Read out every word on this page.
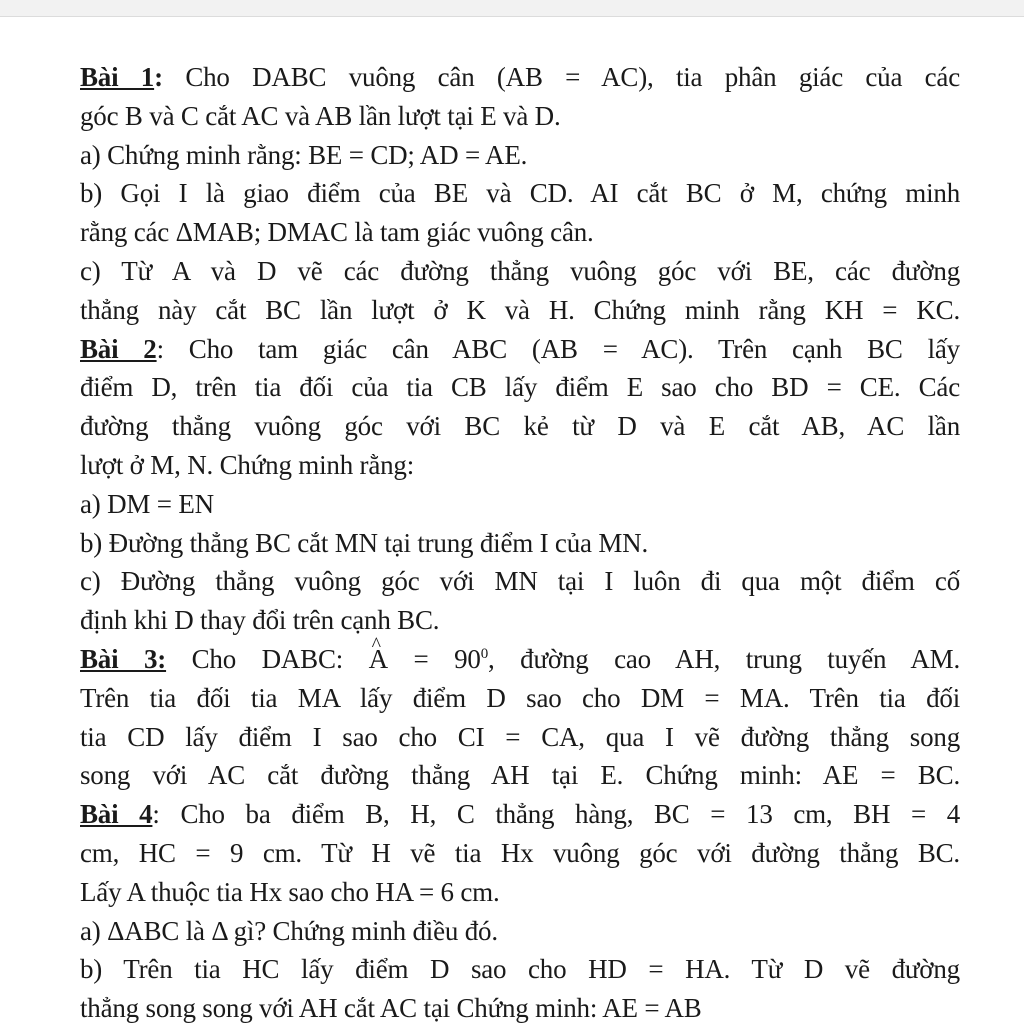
Bài 1: Cho DABC vuông cân (AB = AC), tia phân giác của các
góc B và C cắt AC và AB lần lượt tại E và D.
a) Chứng minh rằng: BE = CD; AD = AE.
b) Gọi I là giao điểm của BE và CD. AI cắt BC ở M, chứng minh
rằng các ΔMAB; DMAC là tam giác vuông cân.
c) Từ A và D vẽ các đường thẳng vuông góc với BE, các đường
thẳng này cắt BC lần lượt ở K và H. Chứng minh rằng KH = KC.
Bài 2: Cho tam giác cân ABC (AB = AC). Trên cạnh BC lấy
điểm D, trên tia đối của tia CB lấy điểm E sao cho BD = CE. Các
đường thẳng vuông góc với BC kẻ từ D và E cắt AB, AC lần
lượt ở M, N. Chứng minh rằng:
a) DM = EN
b) Đường thẳng BC cắt MN tại trung điểm I của MN.
c) Đường thẳng vuông góc với MN tại I luôn đi qua một điểm cố
định khi D thay đổi trên cạnh BC.
Bài 3: Cho DABC: ^ $A = 90^0$, đường cao AH, trung tuyến AM.
Trên tia đối tia MA lấy điểm D sao cho DM = MA. Trên tia đối
tia CD lấy điểm I sao cho CI = CA, qua I vẽ đường thẳng song
song với AC cắt đường thẳng AH tại E. Chứng minh: AE = BC.
Bài 4: Cho ba điểm B, H, C thẳng hàng, BC = 13 cm, BH = 4
cm, HC = 9 cm. Từ H vẽ tia Hx vuông góc với đường thẳng BC.
Lấy A thuộc tia Hx sao cho HA = 6 cm.
a) ΔABC là Δ gì? Chứng minh điều đó.
b) Trên tia HC lấy điểm D sao cho HD = HA. Từ D vẽ đường
thẳng song song với AH cắt AC tại Chứng minh: AE = AB
